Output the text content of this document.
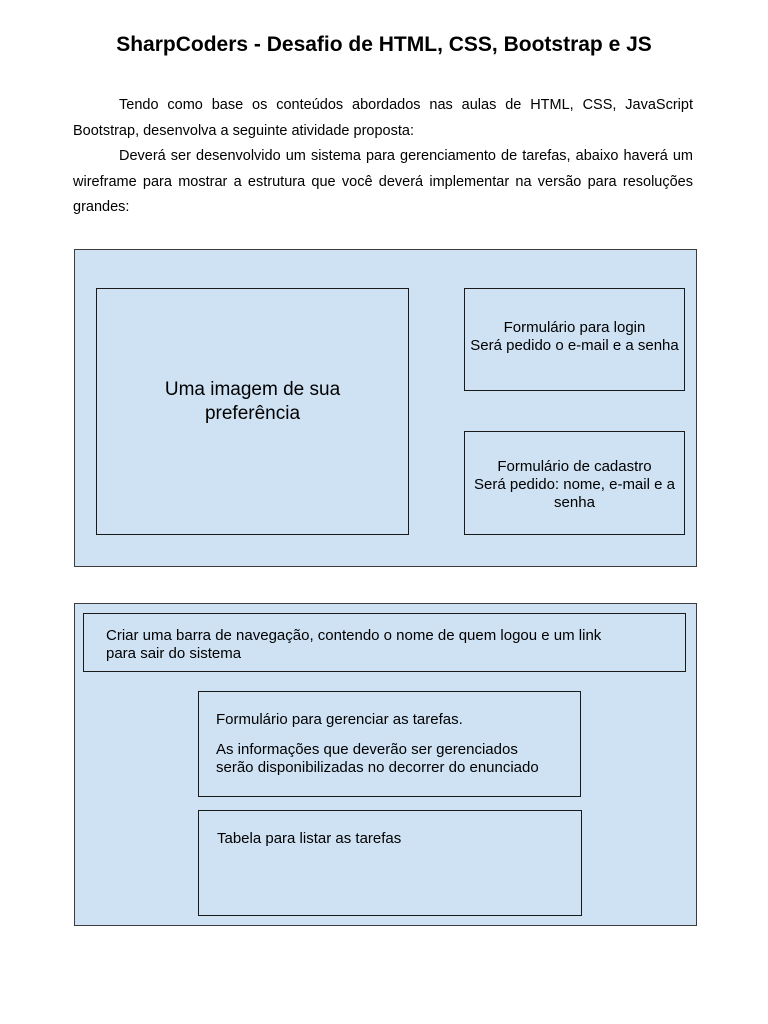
SharpCoders - Desafio de HTML, CSS, Bootstrap e JS

Tendo como base os conteúdos abordados nas aulas de HTML, CSS, JavaScript Bootstrap, desenvolva a seguinte atividade proposta:

Deverá ser desenvolvido um sistema para gerenciamento de tarefas, abaixo haverá um wireframe para mostrar a estrutura que você deverá implementar na versão para resoluções grandes:

Uma imagem de sua
preferência
Formulário para login
Será pedido o e-mail e a senha
Formulário de cadastro
Será pedido: nome, e-mail e a
senha
Criar uma barra de navegação, contendo o nome de quem logou e um link
para sair do sistema
Formulário para gerenciar as tarefas.
As informações que deverão ser gerenciados
serão disponibilizadas no decorrer do enunciado
Tabela para listar as tarefas
